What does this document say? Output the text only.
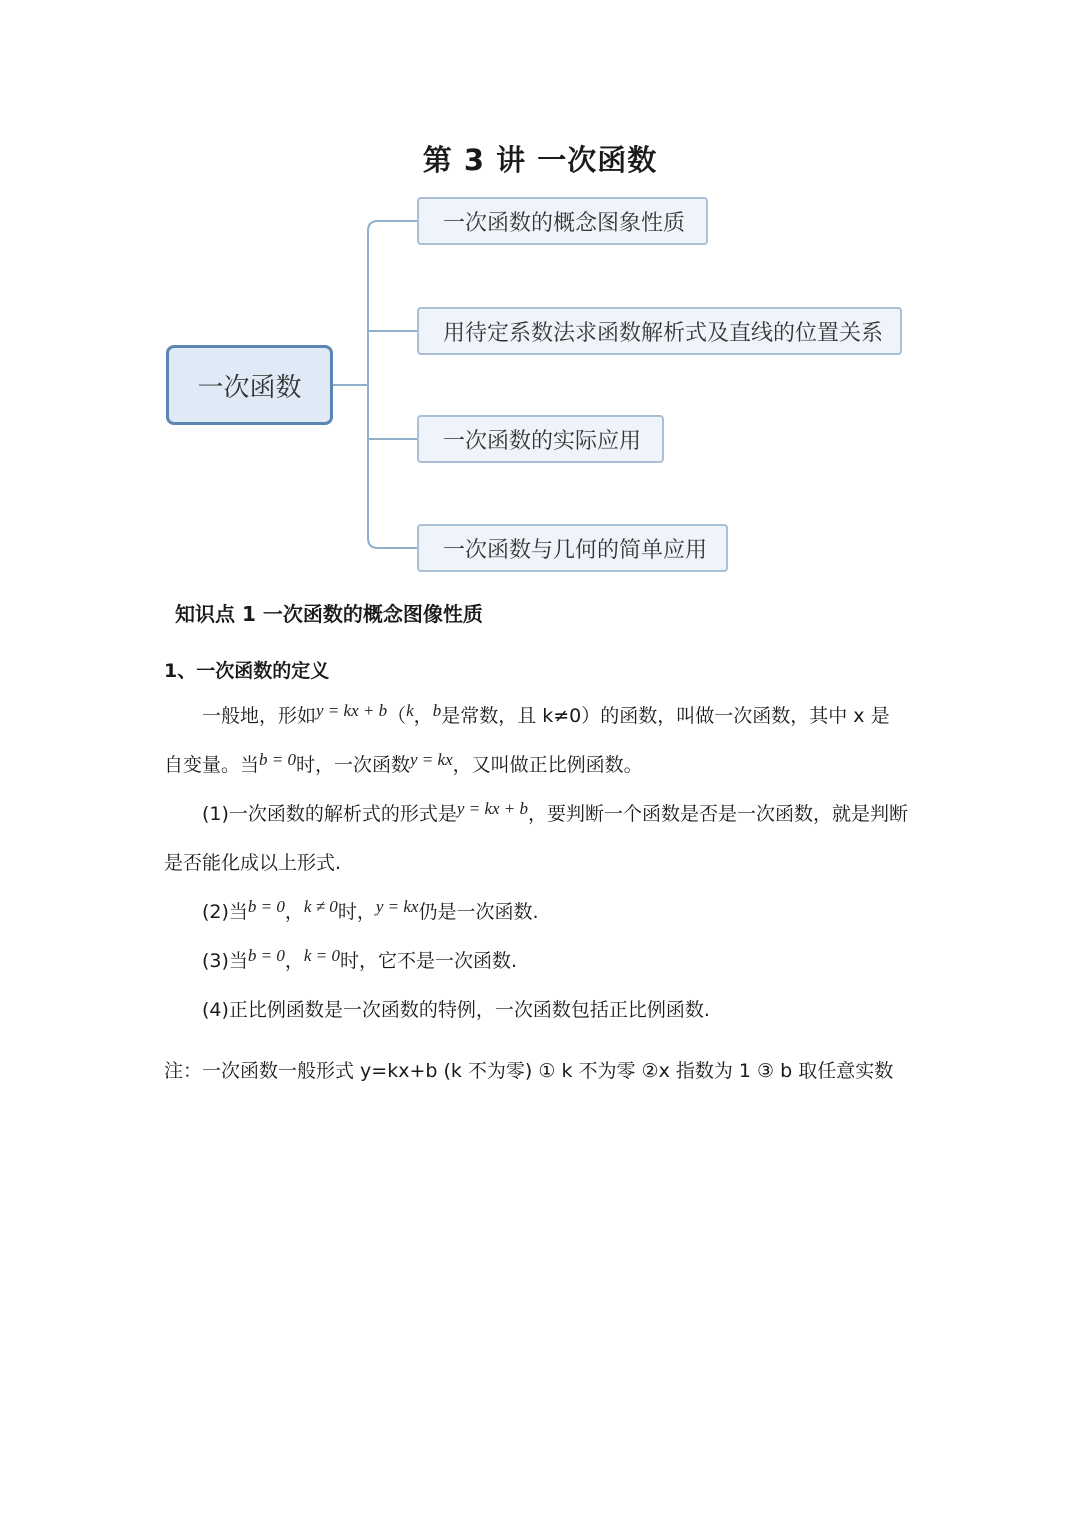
第 3 讲 一次函数
一次函数
一次函数的概念图象性质
用待定系数法求函数解析式及直线的位置关系
一次函数的实际应用
一次函数与几何的简单应用
知识点 1 一次函数的概念图像性质
1、一次函数的定义
一般地，形如y = kx + b（k，b是常数，且 k≠0）的函数，叫做一次函数，其中 x 是
自变量。当b = 0时，一次函数y = kx，又叫做正比例函数。
(1)一次函数的解析式的形式是y = kx + b，要判断一个函数是否是一次函数，就是判断
是否能化成以上形式.
(2)当b = 0，k ≠ 0时，y = kx仍是一次函数.
(3)当b = 0，k = 0时，它不是一次函数.
(4)正比例函数是一次函数的特例，一次函数包括正比例函数.
注：一次函数一般形式 y=kx+b (k 不为零) ① k 不为零 ②x 指数为 1 ③ b 取任意实数
